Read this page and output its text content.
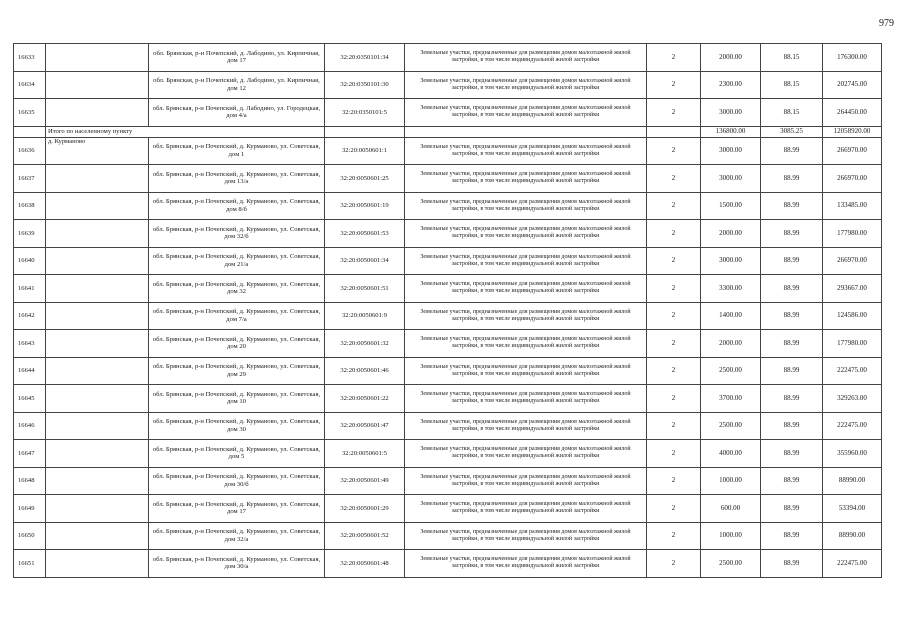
979
16633		обл. Брянская, р-н Почепский, д. Лабодино, ул. Кирпичная, дом 17	32:20:0350101:34	Земельные участки, предназначенные для размещения домов малоэтажной жилой застройки, в том числе индивидуальной жилой застройки	2	2000.00	88.15	176300.00
16634		обл. Брянская, р-н Почепский, д. Лабодино, ул. Кирпичная, дом 12	32:20:0350101:30	Земельные участки, предназначенные для размещения домов малоэтажной жилой застройки, в том числе индивидуальной жилой застройки	2	2300.00	88.15	202745.00
16635		обл. Брянская, р-н Почепский, д. Лабодино, ул. Городецкая, дом 4/а	32:20:0350101:5	Земельные участки, предназначенные для размещения домов малоэтажной жилой застройки, в том числе индивидуальной жилой застройки	2	3000.00	88.15	264450.00
	Итого по населенному пункту					136800.00	3085.25	12058920.00
16636	д. Курманово	обл. Брянская, р-н Почепский, д. Курманово, ул. Советская, дом 1	32:20:0050601:1	Земельные участки, предназначенные для размещения домов малоэтажной жилой застройки, в том числе индивидуальной жилой застройки	2	3000.00	88.99	266970.00
16637		обл. Брянская, р-н Почепский, д. Курманово, ул. Советская, дом 13/а	32:20:0050601:25	Земельные участки, предназначенные для размещения домов малоэтажной жилой застройки, в том числе индивидуальной жилой застройки	2	3000.00	88.99	266970.00
16638		обл. Брянская, р-н Почепский, д. Курманово, ул. Советская, дом 8/б	32:20:0050601:19	Земельные участки, предназначенные для размещения домов малоэтажной жилой застройки, в том числе индивидуальной жилой застройки	2	1500.00	88.99	133485.00
16639		обл. Брянская, р-н Почепский, д. Курманово, ул. Советская, дом 32/б	32:20:0050601:53	Земельные участки, предназначенные для размещения домов малоэтажной жилой застройки, в том числе индивидуальной жилой застройки	2	2000.00	88.99	177980.00
16640		обл. Брянская, р-н Почепский, д. Курманово, ул. Советская, дом 21/а	32:20:0050601:34	Земельные участки, предназначенные для размещения домов малоэтажной жилой застройки, в том числе индивидуальной жилой застройки	2	3000.00	88.99	266970.00
16641		обл. Брянская, р-н Почепский, д. Курманово, ул. Советская, дом 32	32:20:0050601:51	Земельные участки, предназначенные для размещения домов малоэтажной жилой застройки, в том числе индивидуальной жилой застройки	2	3300.00	88.99	293667.00
16642		обл. Брянская, р-н Почепский, д. Курманово, ул. Советская, дом 7/а	32:20:0050601:9	Земельные участки, предназначенные для размещения домов малоэтажной жилой застройки, в том числе индивидуальной жилой застройки	2	1400.00	88.99	124586.00
16643		обл. Брянская, р-н Почепский, д. Курманово, ул. Советская, дом 20	32:20:0050601:32	Земельные участки, предназначенные для размещения домов малоэтажной жилой застройки, в том числе индивидуальной жилой застройки	2	2000.00	88.99	177980.00
16644		обл. Брянская, р-н Почепский, д. Курманово, ул. Советская, дом 29	32:20:0050601:46	Земельные участки, предназначенные для размещения домов малоэтажной жилой застройки, в том числе индивидуальной жилой застройки	2	2500.00	88.99	222475.00
16645		обл. Брянская, р-н Почепский, д. Курманово, ул. Советская, дом 10	32:20:0050601:22	Земельные участки, предназначенные для размещения домов малоэтажной жилой застройки, в том числе индивидуальной жилой застройки	2	3700.00	88.99	329263.00
16646		обл. Брянская, р-н Почепский, д. Курманово, ул. Советская, дом 30	32:20:0050601:47	Земельные участки, предназначенные для размещения домов малоэтажной жилой застройки, в том числе индивидуальной жилой застройки	2	2500.00	88.99	222475.00
16647		обл. Брянская, р-н Почепский, д. Курманово, ул. Советская, дом 5	32:20:0050601:5	Земельные участки, предназначенные для размещения домов малоэтажной жилой застройки, в том числе индивидуальной жилой застройки	2	4000.00	88.99	355960.00
16648		обл. Брянская, р-н Почепский, д. Курманово, ул. Советская, дом 30/б	32:20:0050601:49	Земельные участки, предназначенные для размещения домов малоэтажной жилой застройки, в том числе индивидуальной жилой застройки	2	1000.00	88.99	88990.00
16649		обл. Брянская, р-н Почепский, д. Курманово, ул. Советская, дом 17	32:20:0050601:29	Земельные участки, предназначенные для размещения домов малоэтажной жилой застройки, в том числе индивидуальной жилой застройки	2	600.00	88.99	53394.00
16650		обл. Брянская, р-н Почепский, д. Курманово, ул. Советская, дом 32/а	32:20:0050601:52	Земельные участки, предназначенные для размещения домов малоэтажной жилой застройки, в том числе индивидуальной жилой застройки	2	1000.00	88.99	88990.00
16651		обл. Брянская, р-н Почепский, д. Курманово, ул. Советская, дом 30/а	32:20:0050601:48	Земельные участки, предназначенные для размещения домов малоэтажной жилой застройки, в том числе индивидуальной жилой застройки	2	2500.00	88.99	222475.00
